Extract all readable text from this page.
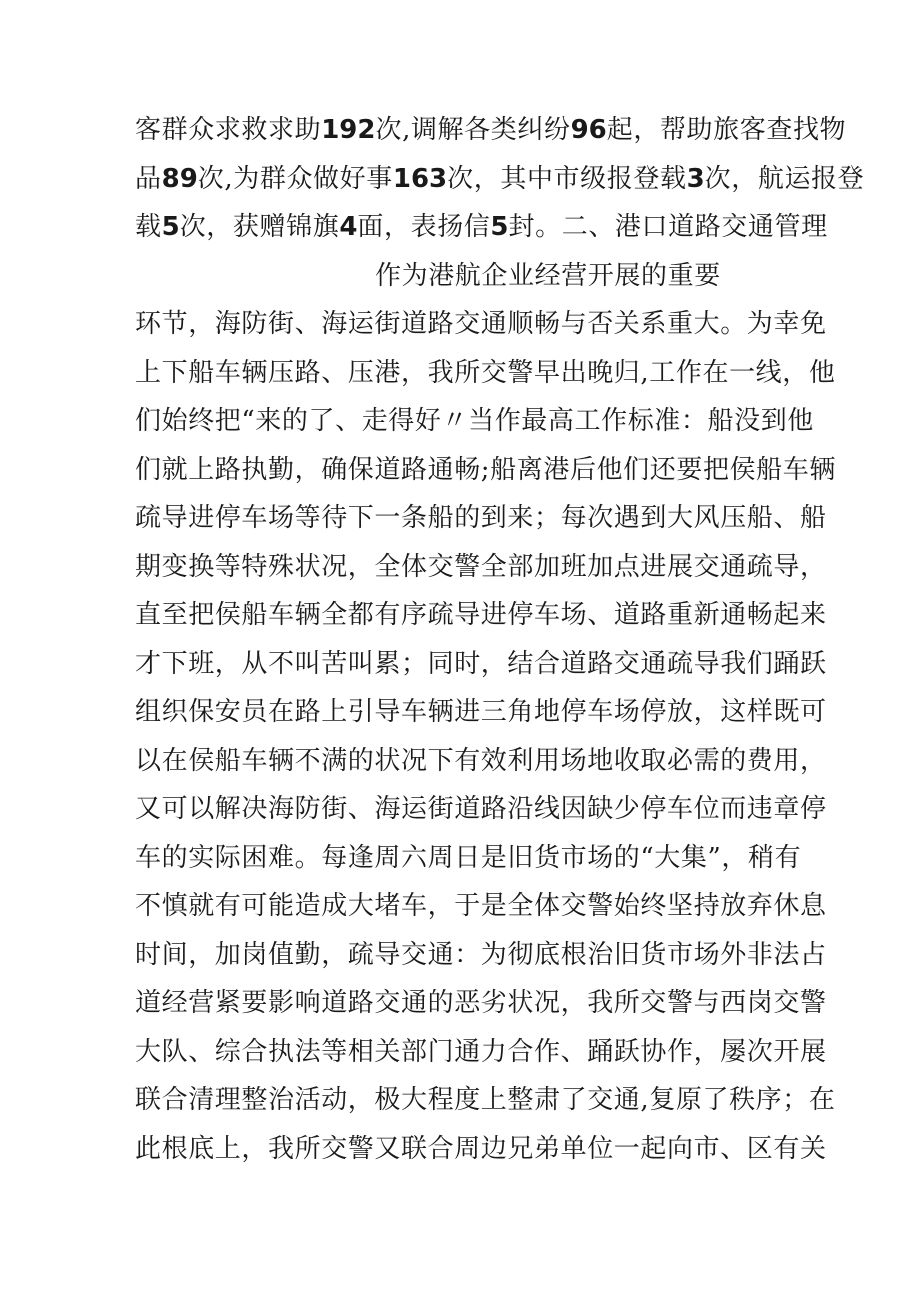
客群众求救求助192次,调解各类纠纷96起，帮助旅客查找物
品89次,为群众做好事163次，其中市级报登载3次，航运报登
载5次，获赠锦旗4面，表扬信5封。二、港口道路交通管理
作为港航企业经营开展的重要
环节，海防街、海运街道路交通顺畅与否关系重大。为幸免
上下船车辆压路、压港，我所交警早出晚归,工作在一线，他
们始终把“来的了、走得好〃当作最高工作标准：船没到他
们就上路执勤，确保道路通畅;船离港后他们还要把侯船车辆
疏导进停车场等待下一条船的到来；每次遇到大风压船、船
期变换等特殊状况，全体交警全部加班加点进展交通疏导，
直至把侯船车辆全都有序疏导进停车场、道路重新通畅起来
才下班，从不叫苦叫累；同时，结合道路交通疏导我们踊跃
组织保安员在路上引导车辆进三角地停车场停放，这样既可
以在侯船车辆不满的状况下有效利用场地收取必需的费用，
又可以解决海防街、海运街道路沿线因缺少停车位而违章停
车的实际困难。每逢周六周日是旧货市场的“大集”，稍有
不慎就有可能造成大堵车，于是全体交警始终坚持放弃休息
时间，加岗值勤，疏导交通：为彻底根治旧货市场外非法占
道经营紧要影响道路交通的恶劣状况，我所交警与西岗交警
大队、综合执法等相关部门通力合作、踊跃协作，屡次开展
联合清理整治活动，极大程度上整肃了交通,复原了秩序；在
此根底上，我所交警又联合周边兄弟单位一起向市、区有关
